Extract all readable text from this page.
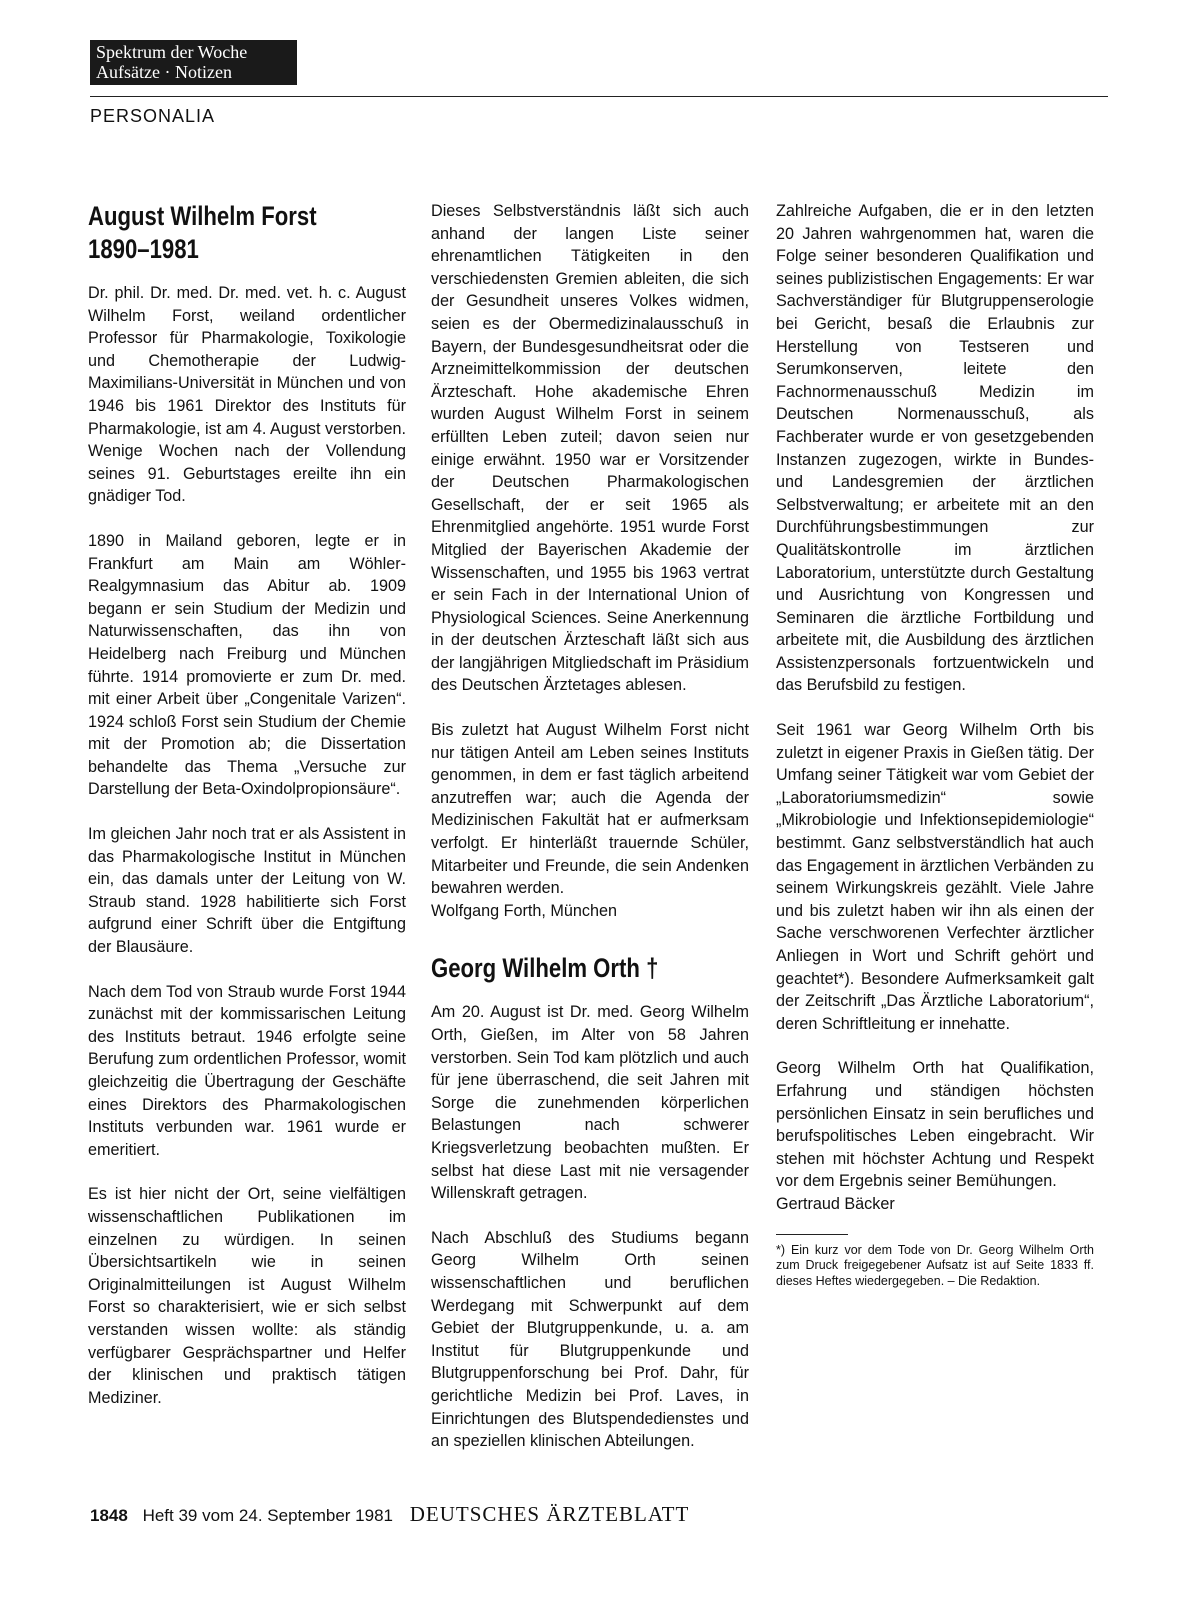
Spektrum der Woche
Aufsätze · Notizen
PERSONALIA
August Wilhelm Forst
1890–1981

Dr. phil. Dr. med. Dr. med. vet. h. c. August Wilhelm Forst, weiland ordentlicher Professor für Pharmakologie, Toxikologie und Chemotherapie der Ludwig-Maximilians-Universität in München und von 1946 bis 1961 Direktor des Instituts für Pharmakologie, ist am 4. August verstorben. Wenige Wochen nach der Vollendung seines 91. Geburtstages ereilte ihn ein gnädiger Tod.

1890 in Mailand geboren, legte er in Frankfurt am Main am Wöhler-Realgymnasium das Abitur ab. 1909 begann er sein Studium der Medizin und Naturwissenschaften, das ihn von Heidelberg nach Freiburg und München führte. 1914 promovierte er zum Dr. med. mit einer Arbeit über „Congenitale Varizen“. 1924 schloß Forst sein Studium der Chemie mit der Promotion ab; die Dissertation behandelte das Thema „Versuche zur Darstellung der Beta-Oxindolpropionsäure“.

Im gleichen Jahr noch trat er als Assistent in das Pharmakologische Institut in München ein, das damals unter der Leitung von W. Straub stand. 1928 habilitierte sich Forst aufgrund einer Schrift über die Entgiftung der Blausäure.

Nach dem Tod von Straub wurde Forst 1944 zunächst mit der kommissarischen Leitung des Instituts betraut. 1946 erfolgte seine Berufung zum ordentlichen Professor, womit gleichzeitig die Übertragung der Geschäfte eines Direktors des Pharmakologischen Instituts verbunden war. 1961 wurde er emeritiert.

Es ist hier nicht der Ort, seine vielfältigen wissenschaftlichen Publikationen im einzelnen zu würdigen. In seinen Übersichtsartikeln wie in seinen Originalmitteilungen ist August Wilhelm Forst so charakterisiert, wie er sich selbst verstanden wissen wollte: als ständig verfügbarer Gesprächspartner und Helfer der klinischen und praktisch tätigen Mediziner.

Dieses Selbstverständnis läßt sich auch anhand der langen Liste seiner ehrenamtlichen Tätigkeiten in den verschiedensten Gremien ableiten, die sich der Gesundheit unseres Volkes widmen, seien es der Obermedizinalausschuß in Bayern, der Bundesgesundheitsrat oder die Arzneimittelkommission der deutschen Ärzteschaft. Hohe akademische Ehren wurden August Wilhelm Forst in seinem erfüllten Leben zuteil; davon seien nur einige erwähnt. 1950 war er Vorsitzender der Deutschen Pharmakologischen Gesellschaft, der er seit 1965 als Ehrenmitglied angehörte. 1951 wurde Forst Mitglied der Bayerischen Akademie der Wissenschaften, und 1955 bis 1963 vertrat er sein Fach in der International Union of Physiological Sciences. Seine Anerkennung in der deutschen Ärzteschaft läßt sich aus der langjährigen Mitgliedschaft im Präsidium des Deutschen Ärztetages ablesen.

Bis zuletzt hat August Wilhelm Forst nicht nur tätigen Anteil am Leben seines Instituts genommen, in dem er fast täglich arbeitend anzutreffen war; auch die Agenda der Medizinischen Fakultät hat er aufmerksam verfolgt. Er hinterläßt trauernde Schüler, Mitarbeiter und Freunde, die sein Andenken bewahren werden.

Wolfgang Forth, München

Georg Wilhelm Orth †

Am 20. August ist Dr. med. Georg Wilhelm Orth, Gießen, im Alter von 58 Jahren verstorben. Sein Tod kam plötzlich und auch für jene überraschend, die seit Jahren mit Sorge die zunehmenden körperlichen Belastungen nach schwerer Kriegsverletzung beobachten mußten. Er selbst hat diese Last mit nie versagender Willenskraft getragen.

Nach Abschluß des Studiums begann Georg Wilhelm Orth seinen wissenschaftlichen und beruflichen Werdegang mit Schwerpunkt auf dem Gebiet der Blutgruppenkunde, u. a. am Institut für Blutgruppenkunde und Blutgruppenforschung bei Prof. Dahr, für gerichtliche Medizin bei Prof. Laves, in Einrichtungen des Blutspendedienstes und an speziellen klinischen Abteilungen.

Zahlreiche Aufgaben, die er in den letzten 20 Jahren wahrgenommen hat, waren die Folge seiner besonderen Qualifikation und seines publizistischen Engagements: Er war Sachverständiger für Blutgruppenserologie bei Gericht, besaß die Erlaubnis zur Herstellung von Testseren und Serumkonserven, leitete den Fachnormenausschuß Medizin im Deutschen Normenausschuß, als Fachberater wurde er von gesetzgebenden Instanzen zugezogen, wirkte in Bundes- und Landesgremien der ärztlichen Selbstverwaltung; er arbeitete mit an den Durchführungsbestimmungen zur Qualitätskontrolle im ärztlichen Laboratorium, unterstützte durch Gestaltung und Ausrichtung von Kongressen und Seminaren die ärztliche Fortbildung und arbeitete mit, die Ausbildung des ärztlichen Assistenzpersonals fortzuentwickeln und das Berufsbild zu festigen.

Seit 1961 war Georg Wilhelm Orth bis zuletzt in eigener Praxis in Gießen tätig. Der Umfang seiner Tätigkeit war vom Gebiet der „Laboratoriumsmedizin“ sowie „Mikrobiologie und Infektionsepidemiologie“ bestimmt. Ganz selbstverständlich hat auch das Engagement in ärztlichen Verbänden zu seinem Wirkungskreis gezählt. Viele Jahre und bis zuletzt haben wir ihn als einen der Sache verschworenen Verfechter ärztlicher Anliegen in Wort und Schrift gehört und geachtet*). Besondere Aufmerksamkeit galt der Zeitschrift „Das Ärztliche Laboratorium“, deren Schriftleitung er innehatte.

Georg Wilhelm Orth hat Qualifikation, Erfahrung und ständigen höchsten persönlichen Einsatz in sein berufliches und berufspolitisches Leben eingebracht. Wir stehen mit höchster Achtung und Respekt vor dem Ergebnis seiner Bemühungen.

Gertraud Bäcker

*) Ein kurz vor dem Tode von Dr. Georg Wilhelm Orth zum Druck freigegebener Aufsatz ist auf Seite 1833 ff. dieses Heftes wiedergegeben. – Die Redaktion.
1848 Heft 39 vom 24. September 1981 DEUTSCHES ÄRZTEBLATT
